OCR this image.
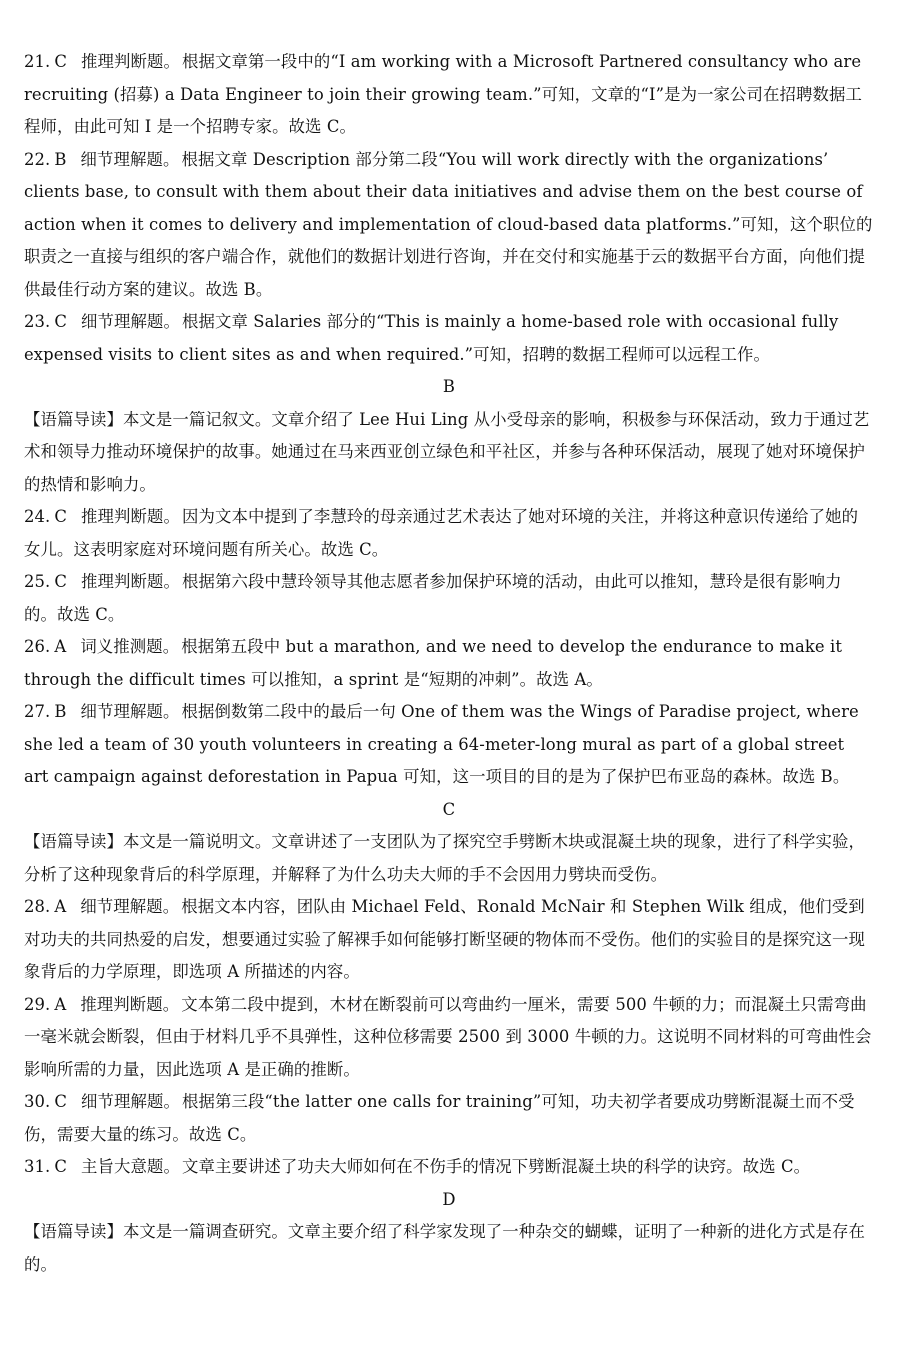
21. C 推理判断题。 根据文章第一段中的“I am working with a Microsoft Partnered consultancy who are recruiting (招募) a Data Engineer to join their growing team.”可知，文章的“I”是为一家公司在招聘数据工程师，由此可知 I 是一个招聘专家。故选 C。

22. B 细节理解题。 根据文章 Description 部分第二段“You will work directly with the organizations’ clients base, to consult with them about their data initiatives and advise them on the best course of action when it comes to delivery and implementation of cloud-based data platforms.”可知，这个职位的职责之一直接与组织的客户端合作，就他们的数据计划进行咨询，并在交付和实施基于云的数据平台方面，向他们提供最佳行动方案的建议。故选 B。

23. C 细节理解题。 根据文章 Salaries 部分的“This is mainly a home-based role with occasional fully expensed visits to client sites as and when required.”可知，招聘的数据工程师可以远程工作。

B

【语篇导读】本文是一篇记叙文。文章介绍了 Lee Hui Ling 从小受母亲的影响，积极参与环保活动，致力于通过艺术和领导力推动环境保护的故事。她通过在马来西亚创立绿色和平社区，并参与各种环保活动，展现了她对环境保护的热情和影响力。

24. C 推理判断题。 因为文本中提到了李慧玲的母亲通过艺术表达了她对环境的关注，并将这种意识传递给了她的女儿。这表明家庭对环境问题有所关心。故选 C。

25. C 推理判断题。 根据第六段中慧玲领导其他志愿者参加保护环境的活动，由此可以推知，慧玲是很有影响力的。故选 C。

26. A 词义推测题。 根据第五段中 but a marathon, and we need to develop the endurance to make it through the difficult times 可以推知，a sprint 是“短期的冲刺”。故选 A。

27. B 细节理解题。 根据倒数第二段中的最后一句 One of them was the Wings of Paradise project, where she led a team of 30 youth volunteers in creating a 64-meter-long mural as part of a global street art campaign against deforestation in Papua 可知，这一项目的目的是为了保护巴布亚岛的森林。故选 B。

C

【语篇导读】本文是一篇说明文。文章讲述了一支团队为了探究空手劈断木块或混凝土块的现象，进行了科学实验，分析了这种现象背后的科学原理，并解释了为什么功夫大师的手不会因用力劈块而受伤。

28. A 细节理解题。 根据文本内容，团队由 Michael Feld、Ronald McNair 和 Stephen Wilk 组成，他们受到对功夫的共同热爱的启发，想要通过实验了解裸手如何能够打断坚硬的物体而不受伤。他们的实验目的是探究这一现象背后的力学原理，即选项 A 所描述的内容。

29. A 推理判断题。 文本第二段中提到，木材在断裂前可以弯曲约一厘米，需要 500 牛顿的力；而混凝土只需弯曲一毫米就会断裂，但由于材料几乎不具弹性，这种位移需要 2500 到 3000 牛顿的力。这说明不同材料的可弯曲性会影响所需的力量，因此选项 A 是正确的推断。

30. C 细节理解题。 根据第三段“the latter one calls for training”可知，功夫初学者要成功劈断混凝土而不受伤，需要大量的练习。故选 C。

31. C 主旨大意题。 文章主要讲述了功夫大师如何在不伤手的情况下劈断混凝土块的科学的诀窍。故选 C。

D

【语篇导读】本文是一篇调查研究。文章主要介绍了科学家发现了一种杂交的蝴蝶，证明了一种新的进化方式是存在的。
